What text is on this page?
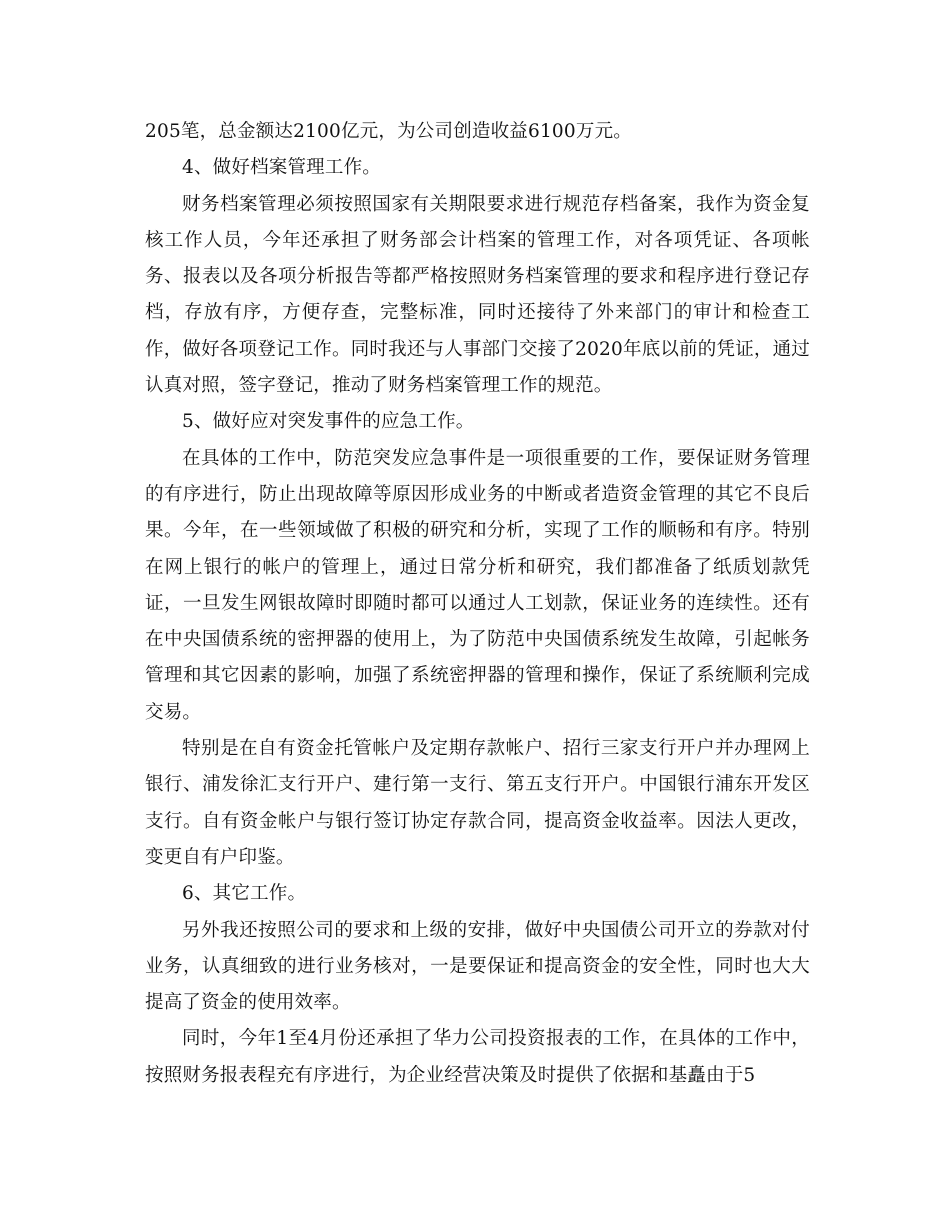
205笔，总金额达2100亿元，为公司创造收益6100万元。

4、做好档案管理工作。

财务档案管理必须按照国家有关期限要求进行规范存档备案，我作为资金复核工作人员，今年还承担了财务部会计档案的管理工作，对各项凭证、各项帐务、报表以及各项分析报告等都严格按照财务档案管理的要求和程序进行登记存档，存放有序，方便存查，完整标准，同时还接待了外来部门的审计和检查工作，做好各项登记工作。同时我还与人事部门交接了2020年底以前的凭证，通过认真对照，签字登记，推动了财务档案管理工作的规范。

5、做好应对突发事件的应急工作。

在具体的工作中，防范突发应急事件是一项很重要的工作，要保证财务管理的有序进行，防止出现故障等原因形成业务的中断或者造资金管理的其它不良后果。今年，在一些领域做了积极的研究和分析，实现了工作的顺畅和有序。特别在网上银行的帐户的管理上，通过日常分析和研究，我们都准备了纸质划款凭证，一旦发生网银故障时即随时都可以通过人工划款，保证业务的连续性。还有在中央国债系统的密押器的使用上，为了防范中央国债系统发生故障，引起帐务管理和其它因素的影响，加强了系统密押器的管理和操作，保证了系统顺利完成交易。

特别是在自有资金托管帐户及定期存款帐户、招行三家支行开户并办理网上银行、浦发徐汇支行开户、建行第一支行、第五支行开户。中国银行浦东开发区支行。自有资金帐户与银行签订协定存款合同，提高资金收益率。因法人更改，变更自有户印鉴。

6、其它工作。

另外我还按照公司的要求和上级的安排，做好中央国债公司开立的券款对付业务，认真细致的进行业务核对，一是要保证和提高资金的安全性，同时也大大提高了资金的使用效率。

同时，今年1至4月份还承担了华力公司投资报表的工作，在具体的工作中，按照财务报表程充有序进行，为企业经营决策及时提供了依据和基矗由于5
